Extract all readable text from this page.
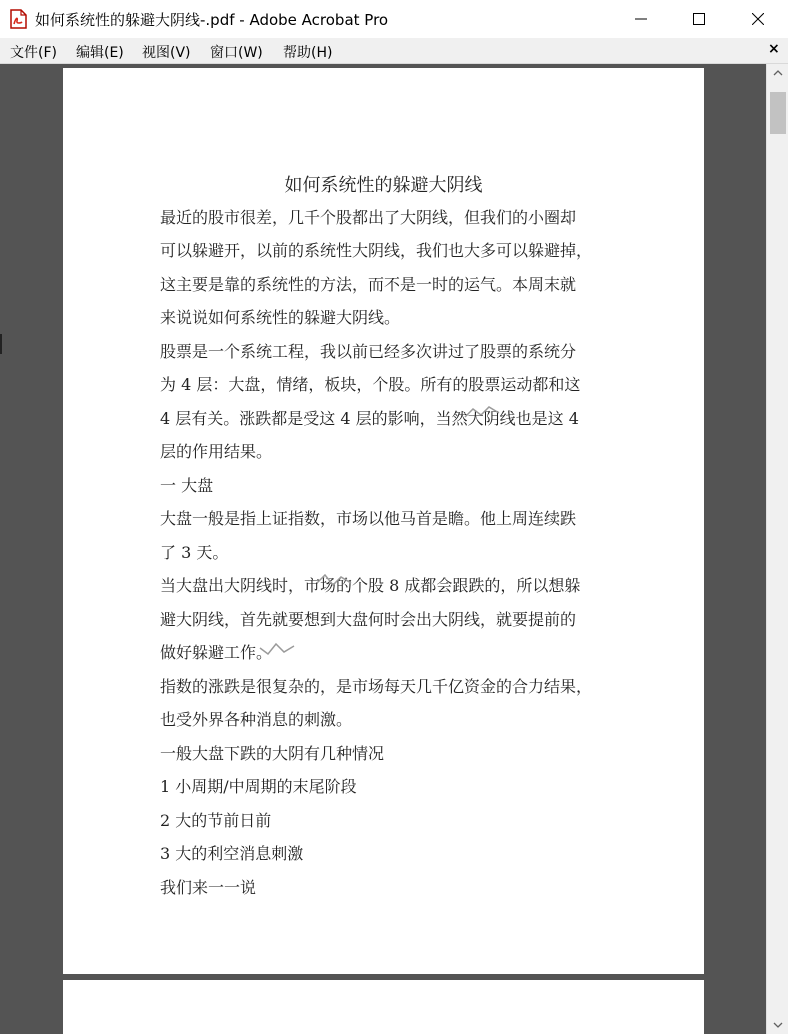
如何系统性的躲避大阴线-.pdf - Adobe Acrobat Pro
文件(F) 编辑(E) 视图(V) 窗口(W) 帮助(H)	×
如何系统性的躲避大阴线
最近的股市很差，几千个股都出了大阴线，但我们的小圈却
可以躲避开，以前的系统性大阴线，我们也大多可以躲避掉，
这主要是靠的系统性的方法，而不是一时的运气。本周末就
来说说如何系统性的躲避大阴线。
股票是一个系统工程，我以前已经多次讲过了股票的系统分
为 4 层：大盘，情绪，板块，个股。所有的股票运动都和这
4 层有关。涨跌都是受这 4 层的影响，当然大阴线也是这 4
层的作用结果。
一 大盘
大盘一般是指上证指数，市场以他马首是瞻。他上周连续跌
了 3 天。
当大盘出大阴线时，市场的个股 8 成都会跟跌的，所以想躲
避大阴线，首先就要想到大盘何时会出大阴线，就要提前的
做好躲避工作。
指数的涨跌是很复杂的，是市场每天几千亿资金的合力结果，
也受外界各种消息的刺激。
一般大盘下跌的大阴有几种情况
1 小周期/中周期的末尾阶段
2 大的节前日前
3 大的利空消息刺激
我们来一一说
